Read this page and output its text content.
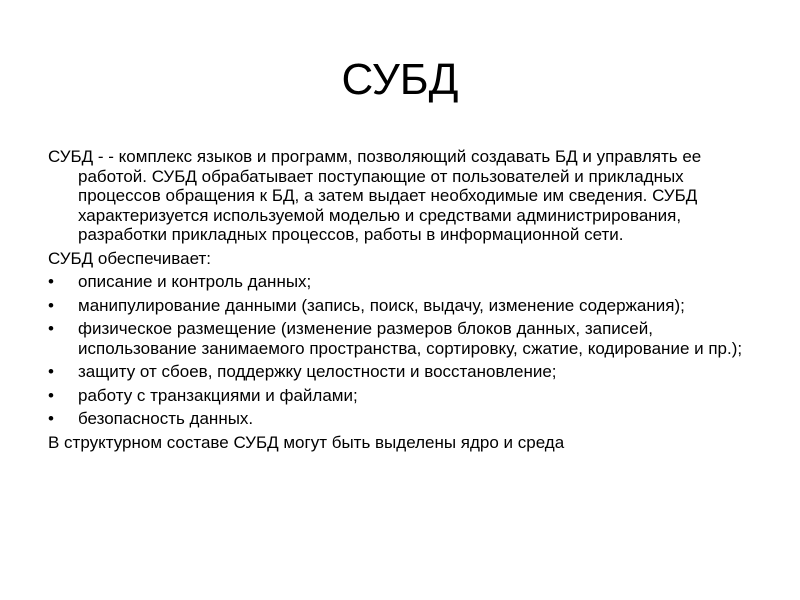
СУБД

СУБД - - комплекс языков и программ, позволяющий создавать БД и управлять ее работой. СУБД обрабатывает поступающие от пользователей и прикладных процессов обращения к БД, а затем выдает необходимые им сведения. СУБД характеризуется используемой моделью и средствами администрирования, разработки прикладных процессов, работы в информационной сети.

СУБД обеспечивает:

• описание и контроль данных;
• манипулирование данными (запись, поиск, выдачу, изменение содержания);
• физическое размещение (изменение размеров блоков данных, записей, использование занимаемого пространства, сортировку, сжатие, кодирование и пр.);
• защиту от сбоев, поддержку целостности и восстановление;
• работу с транзакциями и файлами;
• безопасность данных.

В структурном составе СУБД могут быть выделены ядро и среда
